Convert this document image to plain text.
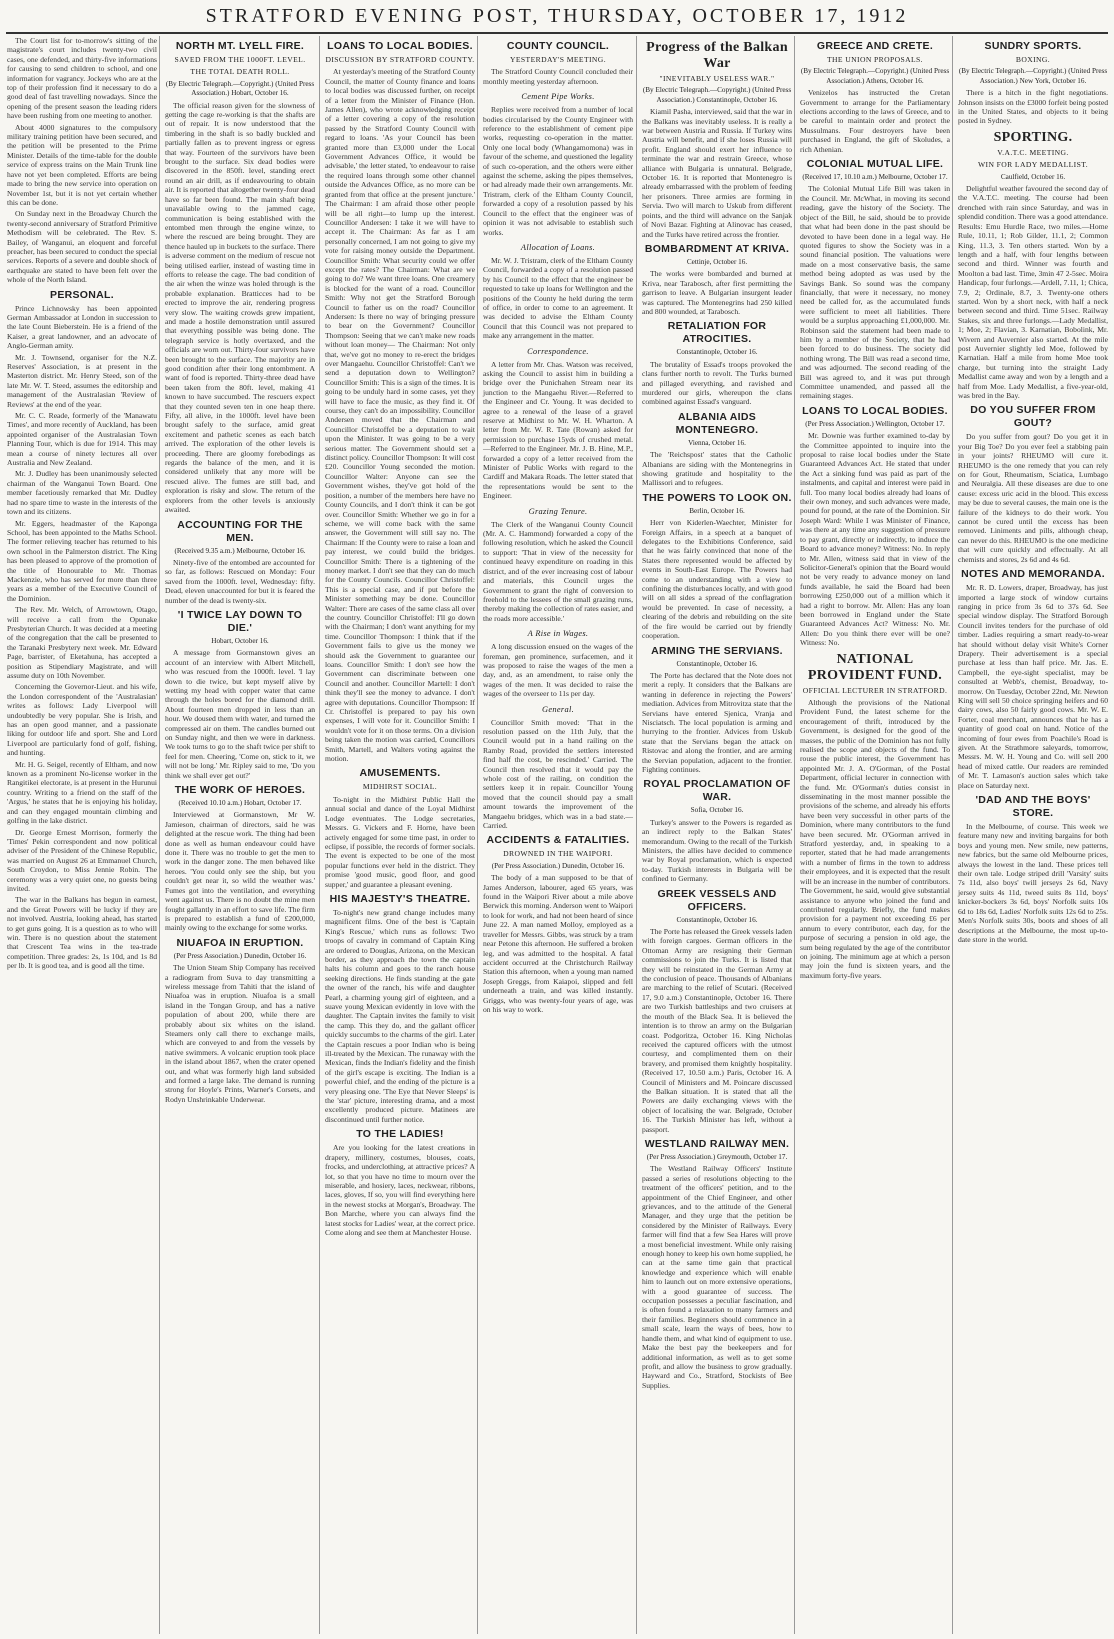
STRATFORD EVENING POST, THURSDAY, OCTOBER 17, 1912

The Court list for to-morrow's sitting of the magistrate's court includes twenty-two civil cases, one defended, and thirty-five informations for causing to send children to school, and one information for vagrancy. Jockeys who are at the top of their profession find it necessary to do a good deal of fast travelling nowadays. Since the opening of the present season the leading riders have been rushing from one meeting to another.

About 4000 signatures to the compulsory military training petition have been secured, and the petition will be presented to the Prime Minister. Details of the time-table for the double service of express trains on the Main Trunk line have not yet been completed. Efforts are being made to bring the new service into operation on November 1st, but it is not yet certain whether this can be done.

On Sunday next in the Broadway Church the twenty-second anniversary of Stratford Primitive Methodism will be celebrated. The Rev. S. Bailey, of Wanganui, an eloquent and forceful preacher, has been secured to conduct the special services. Reports of a severe and double shock of earthquake are stated to have been felt over the whole of the North Island.

PERSONAL.

Prince Lichnowsky has been appointed German Ambassador at London in succession to the late Count Bieberstein. He is a friend of the Kaiser, a great landowner, and an advocate of Anglo-German amity.

Mr. J. Townsend, organiser for the N.Z. Reserves' Association, is at present in the Masterton district. Mr. Henry Steed, son of the late Mr. W. T. Steed, assumes the editorship and management of the Australasian 'Review of Reviews' at the end of the year.

Mr. C. C. Reade, formerly of the 'Manawatu Times', and more recently of Auckland, has been appointed organiser of the Australasian Town Planning Tour, which is due for 1914. This may mean a course of ninety lectures all over Australia and New Zealand.

Mr. J. Dudley has been unanimously selected chairman of the Wanganui Town Board. One member facetiously remarked that Mr. Dudley had no spare time to waste in the interests of the town and its citizens.

Mr. Eggers, headmaster of the Kaponga School, has been appointed to the Maths School. The former relieving teacher has returned to his own school in the Palmerston district. The King has been pleased to approve of the promotion of the title of Honourable to Mr. Thomas Mackenzie, who has served for more than three years as a member of the Executive Council of the Dominion.

The Rev. Mr. Welch, of Arrowtown, Otago, will receive a call from the Opunake Presbyterian Church. It was decided at a meeting of the congregation that the call be presented to the Taranaki Presbytery next week. Mr. Edward Page, barrister, of Eketahuna, has accepted a position as Stipendiary Magistrate, and will assume duty on 10th November.

Concerning the Governor-Lieut. and his wife, the London correspondent of the 'Australasian' writes as follows: Lady Liverpool will undoubtedly be very popular. She is Irish, and has an open good manner, and a passionate liking for outdoor life and sport. She and Lord Liverpool are particularly fond of golf, fishing, and hunting.

Mr. H. G. Seigel, recently of Eltham, and now known as a prominent No-license worker in the Rangitikei electorate, is at present in the Hurunui country. Writing to a friend on the staff of the 'Argus,' he states that he is enjoying his holiday, and can they engaged mountain climbing and golfing in the lake district.

Dr. George Ernest Morrison, formerly the 'Times' Pekin correspondent and now political adviser of the President of the Chinese Republic, was married on August 26 at Emmanuel Church, South Croydon, to Miss Jennie Robin. The ceremony was a very quiet one, no guests being invited.

The war in the Balkans has begun in earnest, and the Great Powers will be lucky if they are not involved. Austria, looking ahead, has started to get guns going. It is a question as to who will win. There is no question about the statement that Crescent Tea wins in the tea-trade competition. Three grades: 2s, 1s 10d, and 1s 8d per lb. It is good tea, and is good all the time.

NORTH MT. LYELL FIRE.
SAVED FROM THE 1000FT. LEVEL.
THE TOTAL DEATH ROLL.
(By Electric Telegraph.—Copyright.) (United Press Association.) Hobart, October 16.

The official reason given for the slowness of getting the cage re-working is that the shafts are out of repair. It is now understood that the timbering in the shaft is so badly buckled and partially fallen as to prevent ingress or egress that way. Fourteen of the survivors have been brought to the surface. Six dead bodies were discovered in the 850ft. level, standing erect round an air drill, as if endeavouring to obtain air. It is reported that altogether twenty-four dead have so far been found. The main shaft being unavailable owing to the jammed cage, communication is being established with the entombed men through the engine winze, to where the rescued are being brought. They are thence hauled up in buckets to the surface. There is adverse comment on the medium of rescue not being utilised earlier, instead of wasting time in efforts to release the cage. The bad condition of the air when the winze was holed through is the probable explanation. Bratticces had to be erected to improve the air, rendering progress very slow. The waiting crowds grew impatient, and made a hostile demonstration until assured that everything possible was being done. The telegraph service is hotly overtaxed, and the officials are worn out. Thirty-four survivors have been brought to the surface. The majority are in good condition after their long entombment. A want of food is reported. Thirty-three dead have been taken from the 80ft. level, making 41 known to have succumbed. The rescuers expect that they counted seven ten in one heap there. Fifty, all alive, in the 1000ft. level have been brought safely to the surface, amid great excitement and pathetic scenes as each batch arrived. The exploration of the other levels is proceeding. There are gloomy forebodings as regards the balance of the men, and it is considered unlikely that any more will be rescued alive. The fumes are still bad, and exploration is risky and slow. The return of the explorers from the other levels is anxiously awaited.

ACCOUNTING FOR THE MEN.
(Received 9.35 a.m.) Melbourne, October 16.

Ninety-five of the entombed are accounted for so far, as follows: Rescued on Monday: Four saved from the 1000ft. level, Wednesday: fifty. Dead, eleven unaccounted for but it is feared the number of the dead is twenty-six.

'I TWICE LAY DOWN TO DIE.'
Hobart, October 16.

A message from Gormanstown gives an account of an interview with Albert Mitchell, who was rescued from the 1000ft. level. 'I lay down to die twice, but kept myself alive by wetting my head with copper water that came through the holes bored for the diamond drill. About fourteen men dropped in less than an hour. We doused them with water, and turned the compressed air on them. The candles burned out on Sunday night, and then we were in darkness. We took turns to go to the shaft twice per shift to feel for men. Cheering, 'Come on, stick to it, we will not be long.' Mr. Ripley said to me, 'Do you think we shall ever get out?'

THE WORK OF HEROES.
(Received 10.10 a.m.) Hobart, October 17.

Interviewed at Gormanstown, Mr W. Jamieson, chairman of directors, said he was delighted at the rescue work. The thing had been done as well as human endeavour could have done it. There was no trouble to get the men to work in the danger zone. The men behaved like heroes. 'You could only see the ship, but you couldn't get near it, so wild the weather was.' Fumes got into the ventilation, and everything went against us. There is no doubt the mine men fought gallantly in an effort to save life. The firm is prepared to establish a fund of £200,000, mainly owing to the exchange for some works.

NIUAFOA IN ERUPTION.
(Per Press Association.) Dunedin, October 16.

The Union Steam Ship Company has received a radiogram from Suva to day transmitting a wireless message from Tahiti that the island of Niuafoa was in eruption. Niuafoa is a small island in the Tongan Group, and has a native population of about 200, while there are probably about six whites on the island. Steamers only call there to exchange mails, which are conveyed to and from the vessels by native swimmers. A volcanic eruption took place in the island about 1867, when the crater opened out, and what was formerly high land subsided and formed a large lake. The demand is running strong for Hoyle's Prints, Warner's Corsets, and Rodyn Unshrinkable Underwear.

LOANS TO LOCAL BODIES.
DISCUSSION BY STRATFORD COUNTY.

At yesterday's meeting of the Stratford County Council, the matter of County finance and loans to local bodies was discussed further, on receipt of a letter from the Minister of Finance (Hon. James Allen), who wrote acknowledging receipt of a letter covering a copy of the resolution passed by the Stratford County Council with regard to loans. 'As your Council has been granted more than £3,000 under the Local Government Advances Office, it would be advisable,' the letter stated, 'to endeavour to raise the required loans through some other channel outside the Advances Office, as no more can be granted from that office at the present juncture.' The Chairman: I am afraid those other people will be all right—to lump up the interest. Councillor Andersen: I take it we will have to accept it. The Chairman: As far as I am personally concerned, I am not going to give my vote for raising money outside the Department. Councillor Smith: What security could we offer except the rates? The Chairman: What are we going to do? We want three loans. One creamery is blocked for the want of a road. Councillor Smith: Why not get the Stratford Borough Council to father us on the road? Councillor Andersen: Is there no way of bringing pressure to bear on the Government? Councillor Thompson: Seeing that we can't make new roads without loan money— The Chairman: Not only that, we've got no money to re-erect the bridges over Mangaehu. Councillor Christoffel: Can't we send a deputation down to Wellington? Councillor Smith: This is a sign of the times. It is going to be unduly hard in some cases, yet they will have to face the music, as they find it. Of course, they can't do an impossibility. Councillor Andersen moved that the Chairman and Councillor Christoffel be a deputation to wait upon the Minister. It was going to be a very serious matter. The Government should set a distinct policy. Councillor Thompson: It will cost £20. Councillor Young seconded the motion. Councillor Walter: Anyone can see the Government wishes, they've got hold of the position, a number of the members here have no County Councils, and I don't think it can be got over. Councillor Smith: Whether we go in for a scheme, we will come back with the same answer, the Government will still say no. The Chairman: If the County were to raise a loan and pay interest, we could build the bridges. Councillor Smith: There is a tightening of the money market. I don't see that they can do much for the County Councils. Councillor Christoffel: This is a special case, and if put before the Minister something may be done. Councillor Walter: There are cases of the same class all over the country. Councillor Christoffel: I'll go down with the Chairman; I don't want anything for my time. Councillor Thompson: I think that if the Government fails to give us the money we should ask the Government to guarantee our loans. Councillor Smith: I don't see how the Government can discriminate between one Council and another. Councillor Martell: I don't think they'll see the money to advance. I don't agree with deputations. Councillor Thompson: If Cr. Christoffel is prepared to pay his own expenses, I will vote for it. Councillor Smith: I wouldn't vote for it on those terms. On a division being taken the motion was carried, Councillors Smith, Martell, and Walters voting against the motion.

AMUSEMENTS.
MIDHIRST SOCIAL.

To-night in the Midhirst Public Hall the annual social and dance of the Loyal Midhirst Lodge eventuates. The Lodge secretaries, Messrs. G. Vickers and F. Horne, have been actively engaged for some time past, in order to eclipse, if possible, the records of former socials. The event is expected to be one of the most popular functions ever held in the district. They promise 'good music, good floor, and good supper,' and guarantee a pleasant evening.

HIS MAJESTY'S THEATRE.

To-night's new grand change includes many magnificent films. One of the best is 'Captain King's Rescue,' which runs as follows: Two troops of cavalry in command of Captain King are ordered to Douglas, Arizona, on the Mexican border, as they approach the town the captain halts his column and goes to the ranch house seeking directions. He finds standing at the gate the owner of the ranch, his wife and daughter Pearl, a charming young girl of eighteen, and a suave young Mexican evidently in love with the daughter. The Captain invites the family to visit the camp. This they do, and the gallant officer quickly succumbs to the charms of the girl. Later the Captain rescues a poor Indian who is being ill-treated by the Mexican. The runaway with the Mexican, finds the Indian's fidelity and the finish of the girl's escape is exciting. The Indian is a powerful chief, and the ending of the picture is a very pleasing one. 'The Eye that Never Sleeps' is the 'star' picture, interesting drama, and a most excellently produced picture. Matinees are discontinued until further notice.

TO THE LADIES!

Are you looking for the latest creations in drapery, millinery, costumes, blouses, coats, frocks, and underclothing, at attractive prices? A lot, so that you have no time to mourn over the miserable, and hosiery, laces, neckwear, ribbons, laces, gloves, If so, you will find everything here in the newest stocks at Morgan's, Broadway. The Bon Marche, where you can always find the latest stocks for Ladies' wear, at the correct price. Come along and see them at Manchester House.

COUNTY COUNCIL.
YESTERDAY'S MEETING.

The Stratford County Council concluded their monthly meeting yesterday afternoon.

Cement Pipe Works.

Replies were received from a number of local bodies circularised by the County Engineer with reference to the establishment of cement pipe works, requesting co-operation in the matter. Only one local body (Whangamomona) was in favour of the scheme, and questioned the legality of such co-operation, and the others were either against the scheme, asking the pipes themselves, or had already made their own arrangements. Mr. Tristram, clerk of the Eltham County Council, forwarded a copy of a resolution passed by his Council to the effect that the engineer was of opinion it was not advisable to establish such works.

Allocation of Loans.

Mr. W. J. Tristram, clerk of the Eltham County Council, forwarded a copy of a resolution passed by his Council to the effect that the engineer be requested to take up loans for Wellington and the positions of the County he held during the term of office, in order to come to an agreement. It was decided to advise the Eltham County Council that this Council was not prepared to make any arrangement in the matter.

Correspondence.

A letter from Mr. Chas. Watson was received, asking the Council to assist him in building a bridge over the Punichahen Stream near its junction to the Mangaehu River.—Referred to the Engineer and Cr. Young. It was decided to agree to a renewal of the lease of a gravel reserve at Midhirst to Mr. W. H. Wharton. A letter from Mr. W. R. Tate (Rowan) asked for permission to purchase 15yds of crushed metal.—Referred to the Engineer. Mr. J. B. Hine, M.P., forwarded a copy of a letter received from the Minister of Public Works with regard to the Cardiff and Makara Roads. The letter stated that the representations would be sent to the Engineer.

Grazing Tenure.

The Clerk of the Wanganui County Council (Mr. A. C. Hammond) forwarded a copy of the following resolution, which he asked the Council to support: 'That in view of the necessity for continued heavy expenditure on roading in this district, and of the ever increasing cost of labour and materials, this Council urges the Government to grant the right of conversion to freehold to the lessees of the small grazing runs, thereby making the collection of rates easier, and the roads more accessible.'

A Rise in Wages.

A long discussion ensued on the wages of the foreman, gen prominence, surfacemen, and it was proposed to raise the wages of the men a day, and, as an amendment, to raise only the wages of the men. It was decided to raise the wages of the overseer to 11s per day.

General.

Councillor Smith moved: 'That in the resolution passed on the 11th July, that the Council would put in a hand railing on the Ramby Road, provided the settlers interested find half the cost, be rescinded.' Carried. The Council then resolved that it would pay the whole cost of the railing, on condition the settlers keep it in repair. Councillor Young moved that the council should pay a small amount towards the improvement of the Mangaehu bridges, which was in a bad state.—Carried.

ACCIDENTS & FATALITIES.
DROWNED IN THE WAIPORI.
(Per Press Association.) Dunedin, October 16.

The body of a man supposed to be that of James Anderson, labourer, aged 65 years, was found in the Waipori River about a mile above Berwick this morning. Anderson went to Waipori to look for work, and had not been heard of since June 22. A man named Molloy, employed as a traveller for Messrs. Gibbs, was struck by a tram near Petone this afternoon. He suffered a broken leg, and was admitted to the hospital. A fatal accident occurred at the Christchurch Railway Station this afternoon, when a young man named Joseph Greggs, from Kaiapoi, slipped and fell underneath a train, and was killed instantly. Griggs, who was twenty-four years of age, was on his way to work.

Progress of the Balkan War
"INEVITABLY USELESS WAR."
(By Electric Telegraph.—Copyright.) (United Press Association.) Constantinople, October 16.

Kiamil Pasha, interviewed, said that the war in the Balkans was inevitably useless. It is really a war between Austria and Russia. If Turkey wins Austria will benefit, and if she loses Russia will profit. England should exert her influence to terminate the war and restrain Greece, whose alliance with Bulgaria is unnatural. Belgrade, October 16. It is reported that Montenegro is already embarrassed with the problem of feeding her prisoners. Three armies are forming in Servia. Two will march to Uskub from different points, and the third will advance on the Sanjak of Novi Bazar. Fighting at Alinovac has ceased, and the Turks have retired across the frontier.

BOMBARDMENT AT KRIVA.
Cettinje, October 16.

The works were bombarded and burned at Kriva, near Tarabosch, after first permitting the garrison to leave. A Bulgarian insurgent leader was captured. The Montenegrins had 250 killed and 800 wounded, at Tarabosch.

RETALIATION FOR ATROCITIES.
Constantinople, October 16.

The brutality of Essad's troops provoked the clans further north to revolt. The Turks burned and pillaged everything, and ravished and murdered our girls, whereupon the clans combined against Essad's vanguard.

ALBANIA AIDS MONTENEGRO.
Vienna, October 16.

The 'Reichspost' states that the Catholic Albanians are siding with the Montenegrins in showing gratitude and hospitality to the Mallissori and to refugees.

THE POWERS TO LOOK ON.
Berlin, October 16.

Herr von Kiderlen-Waechter, Minister for Foreign Affairs, in a speech at a banquet of delegates to the Exhibitions Conference, said that he was fairly convinced that none of the States there represented would be affected by events in South-East Europe. The Powers had come to an understanding with a view to confining the disturbances locally, and with good will on all sides a spread of the conflagration would be prevented. In case of necessity, a clearing of the debris and rebuilding on the site of the fire would be carried out by friendly cooperation.

ARMING THE SERVIANS.
Constantinople, October 16.

The Porte has declared that the Note does not merit a reply. It considers that the Balkans are wanting in deference in rejecting the Powers' mediation. Advices from Mitrovitza state that the Servians have entered Sjenica, Vranja and Nisciatsch. The local population is arming and hurrying to the frontier. Advices from Uskub state that the Servians began the attack on Ristovac and along the frontier, and are arming the Servian population, adjacent to the frontier. Fighting continues.

ROYAL PROCLAMATION OF WAR.
Sofia, October 16.

Turkey's answer to the Powers is regarded as an indirect reply to the Balkan States' memorandum. Owing to the recall of the Turkish Ministers, the allies have decided to commence war by Royal proclamation, which is expected to-day. Turkish interests in Bulgaria will be confined to Germany.

GREEK VESSELS AND OFFICERS.
Constantinople, October 16.

The Porte has released the Greek vessels laden with foreign cargoes. German officers in the Ottoman Army are resigning their German commissions to join the Turks. It is listed that they will be reinstated in the German Army at the conclusion of peace. Thousands of Albanians are marching to the relief of Scutari. (Received 17, 9.0 a.m.) Constantinople, October 16. There are two Turkish battleships and two cruisers at the mouth of the Black Sea. It is believed the intention is to throw an army on the Bulgarian coast. Podgoritza, October 16. King Nicholas received the captured officers with the utmost courtesy, and complimented them on their bravery, and promised them knightly hospitality. (Received 17, 10.50 a.m.) Paris, October 16. A Council of Ministers and M. Poincare discussed the Balkan situation. It is stated that all the Powers are daily exchanging views with the object of localising the war. Belgrade, October 16. The Turkish Minister has left, without a passport.

WESTLAND RAILWAY MEN.
(Per Press Association.) Greymouth, October 17.

The Westland Railway Officers' Institute passed a series of resolutions objecting to the treatment of the officers' petition, and to the appointment of the Chief Engineer, and other grievances, and to the attitude of the General Manager, and they urge that the petition be considered by the Minister of Railways. Every farmer will find that a few Sea Hares will prove a most beneficial investment. While only raising enough honey to keep his own home supplied, he can at the same time gain that practical knowledge and experience which will enable him to launch out on more extensive operations, with a good guarantee of success. The occupation possesses a peculiar fascination, and is often found a relaxation to many farmers and their families. Beginners should commence in a small scale, learn the ways of bees, how to handle them, and what kind of equipment to use. Make the best pay the beekeepers and for additional information, as well as to get some profit, and allow the business to grow gradually. Hayward and Co., Stratford, Stockists of Bee Supplies.

GREECE AND CRETE.
THE UNION PROPOSALS.
(By Electric Telegraph.—Copyright.) (United Press Association.) Athens, October 16.

Venizelos has instructed the Cretan Government to arrange for the Parliamentary elections according to the laws of Greece, and to be careful to maintain order and protect the Mussulmans. Four destroyers have been purchased in England, the gift of Skoludes, a rich Athenian.

COLONIAL MUTUAL LIFE.
(Received 17, 10.10 a.m.) Melbourne, October 17.

The Colonial Mutual Life Bill was taken in the Council. Mr. McWhat, in moving its second reading, gave the history of the Society. The object of the Bill, he said, should be to provide that what had been done in the past should be devoted to have been done in a legal way. He quoted figures to show the Society was in a sound financial position. The valuations were made on a most conservative basis, the same method being adopted as was used by the Savings Bank. So sound was the company financially, that were it necessary, no money need be called for, as the accumulated funds were sufficient to meet all liabilities. There would be a surplus approaching £1,000,000. Mr. Robinson said the statement had been made to him by a member of the Society, that he had been forced to do business. The society did nothing wrong. The Bill was read a second time, and was adjourned. The second reading of the Bill was agreed to, and it was put through Committee unamended, and passed all the remaining stages.

LOANS TO LOCAL BODIES.
(Per Press Association.) Wellington, October 17.

Mr. Downie was further examined to-day by the Committee appointed to inquire into the proposal to raise local bodies under the State Guaranteed Advances Act. He stated that under the Act a sinking fund was paid as part of the instalments, and capital and interest were paid in full. Too many local bodies already had loans of their own money, and such advances were made, pound for pound, at the rate of the Dominion. Sir Joseph Ward: While I was Minister of Finance, was there at any time any suggestion of pressure to pay grant, directly or indirectly, to induce the Board to advance money? Witness: No. In reply to Mr. Allen, witness said that in view of the Solicitor-General's opinion that the Board would not be very ready to advance money on land funds available, he said the Board had been borrowing £250,000 out of a million which it had a right to borrow. Mr. Allen: Has any loan been borrowed in England under the State Guaranteed Advances Act? Witness: No. Mr. Allen: Do you think there ever will be one? Witness: No.

NATIONAL PROVIDENT FUND.
OFFICIAL LECTURER IN STRATFORD.

Although the provisions of the National Provident Fund, the latest scheme for the encouragement of thrift, introduced by the Government, is designed for the good of the masses, the public of the Dominion has not fully realised the scope and objects of the fund. To rouse the public interest, the Government has appointed Mr. J. A. O'Gorman, of the Postal Department, official lecturer in connection with the fund. Mr. O'Gorman's duties consist in disseminating in the most manner possible the provisions of the scheme, and already his efforts have been very successful in other parts of the Dominion, where many contributors to the fund have been secured. Mr. O'Gorman arrived in Stratford yesterday, and, in speaking to a reporter, stated that he had made arrangements with a number of firms in the town to address their employees, and it is expected that the result will be an increase in the number of contributors. The Government, he said, would give substantial assistance to anyone who joined the fund and contributed regularly. Briefly, the fund makes provision for a payment not exceeding £6 per annum to every contributor, each day, for the purpose of securing a pension in old age, the sum being regulated by the age of the contributor on joining. The minimum age at which a person may join the fund is sixteen years, and the maximum forty-five years.

SUNDRY SPORTS.
BOXING.
(By Electric Telegraph.—Copyright.) (United Press Association.) New York, October 16.

There is a hitch in the fight negotiations. Johnson insists on the £3000 forfeit being posted in the United States, and objects to it being posted in Sydney.

SPORTING.
V.A.T.C. MEETING.
WIN FOR LADY MEDALLIST.
Caulfield, October 16.

Delightful weather favoured the second day of the V.A.T.C. meeting. The course had been drenched with rain since Saturday, and was in splendid condition. There was a good attendance. Results: Emu Hurdle Race, two miles.—Home Rule, 10.11, 1; Rob Gilder, 11.1, 2; Common King, 11.3, 3. Ten others started. Won by a length and a half, with four lengths between second and third. Winner was fourth and Moolton a bad last. Time, 3min 47 2-5sec. Moira Handicap, four furlongs.—Ardell, 7.11, 1; Chica, 7.9, 2; Ordinale, 8.7, 3. Twenty-one others started. Won by a short neck, with half a neck between second and third. Time 51sec. Railway Stakes, six and three furlongs.—Lady Medallist, 1; Moe, 2; Flavian, 3. Karnatian, Bobolink, Mr. Wivern and Auvernier also started. At the mile post Auvernier slightly led Moe, followed by Karnatian. Half a mile from home Moe took charge, but turning into the straight Lady Medallist came away and won by a length and a half from Moe. Lady Medallist, a five-year-old, was bred in the Bay.

DO YOU SUFFER FROM GOUT?

Do you suffer from gout? Do you get it in your Big Toe? Do you ever feel a stabbing pain in your joints? RHEUMO will cure it. RHEUMO is the one remedy that you can rely on for Gout, Rheumatism, Sciatica, Lumbago and Neuralgia. All these diseases are due to one cause: excess uric acid in the blood. This excess may be due to several causes, the main one is the failure of the kidneys to do their work. You cannot be cured until the excess has been removed. Liniments and pills, although cheap, can never do this. RHEUMO is the one medicine that will cure quickly and effectually. At all chemists and stores, 2s 6d and 4s 6d.

NOTES AND MEMORANDA.

Mr. R. D. Lowers, draper, Broadway, has just imported a large stock of window curtains ranging in price from 3s 6d to 37s 6d. See special window display. The Stratford Borough Council invites tenders for the purchase of old timber. Ladies requiring a smart ready-to-wear hat should without delay visit White's Corner Drapery. Their advertisement is a special purchase at less than half price. Mr. Jas. E. Campbell, the eye-sight specialist, may be consulted at Webb's, chemist, Broadway, to-morrow. On Tuesday, October 22nd, Mr. Newton King will sell 50 choice springing heifers and 60 dairy cows, also 50 fairly good cows. Mr. W. E. Forter, coal merchant, announces that he has a quantity of good coal on hand. Notice of the incoming of four ewes from Poachile's Road is given. At the Strathmore saleyards, tomorrow, Messrs. M. W. H. Young and Co. will sell 200 head of mixed cattle. Our readers are reminded of Mr. T. Lamason's auction sales which take place on Saturday next.

'DAD AND THE BOYS' STORE.

In the Melbourne, of course. This week we feature many new and inviting bargains for both boys and young men. New smile, new patterns, new fabrics, but the same old Melbourne prices, always the lowest in the land. These prices tell their own tale. Lodge striped drill 'Varsity' suits 7s 11d, also boys' twill jerseys 2s 6d, Navy jersey suits 4s 11d, tweed suits 8s 11d, boys' knicker-bockers 3s 6d, boys' Norfolk suits 10s 6d to 18s 6d, Ladies' Norfolk suits 12s 6d to 25s. Men's Norfolk suits 30s, boots and shoes of all descriptions at the Melbourne, the most up-to-date store in the world.
